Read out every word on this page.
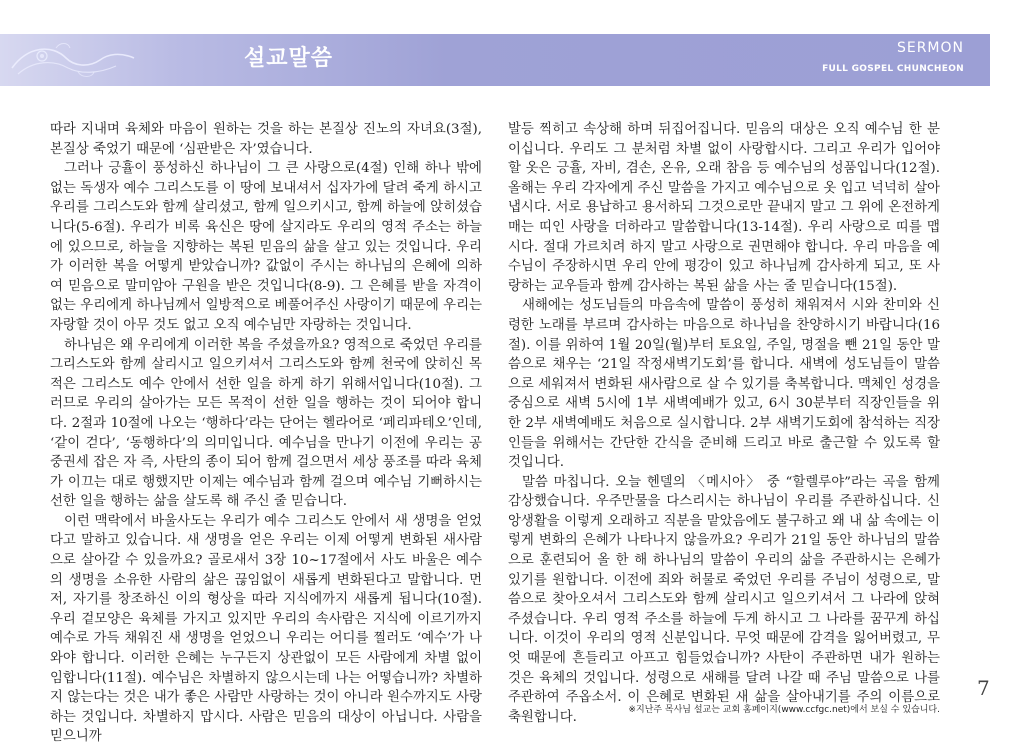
설교말씀	SERMON
FULL GOSPEL CHUNCHEON

따라 지내며 육체와 마음이 원하는 것을 하는 본질상 진노의 자녀요(3절), 본질상 죽었기 때문에 ‘심판받은 자’였습니다.

그러나 긍휼이 풍성하신 하나님이 그 큰 사랑으로(4절) 인해 하나 밖에 없는 독생자 예수 그리스도를 이 땅에 보내셔서 십자가에 달려 죽게 하시고 우리를 그리스도와 함께 살리셨고, 함께 일으키시고, 함께 하늘에 앉히셨습니다(5-6절). 우리가 비록 육신은 땅에 살지라도 우리의 영적 주소는 하늘에 있으므로, 하늘을 지향하는 복된 믿음의 삶을 살고 있는 것입니다. 우리가 이러한 복을 어떻게 받았습니까? 값없이 주시는 하나님의 은혜에 의하여 믿음으로 말미암아 구원을 받은 것입니다(8-9). 그 은혜를 받을 자격이 없는 우리에게 하나님께서 일방적으로 베풀어주신 사랑이기 때문에 우리는 자랑할 것이 아무 것도 없고 오직 예수님만 자랑하는 것입니다.

하나님은 왜 우리에게 이러한 복을 주셨을까요? 영적으로 죽었던 우리를 그리스도와 함께 살리시고 일으키셔서 그리스도와 함께 천국에 앉히신 목적은 그리스도 예수 안에서 선한 일을 하게 하기 위해서입니다(10절). 그러므로 우리의 살아가는 모든 목적이 선한 일을 행하는 것이 되어야 합니다. 2절과 10절에 나오는 ‘행하다’라는 단어는 헬라어로 ‘페리파테오’인데, ‘같이 걷다’, ‘동행하다’의 의미입니다. 예수님을 만나기 이전에 우리는 공중권세 잡은 자 즉, 사탄의 종이 되어 함께 걸으면서 세상 풍조를 따라 육체가 이끄는 대로 행했지만 이제는 예수님과 함께 걸으며 예수님 기뻐하시는 선한 일을 행하는 삶을 살도록 해 주신 줄 믿습니다.

이런 맥락에서 바울사도는 우리가 예수 그리스도 안에서 새 생명을 얻었다고 말하고 있습니다. 새 생명을 얻은 우리는 이제 어떻게 변화된 새사람으로 살아갈 수 있을까요? 골로새서 3장 10~17절에서 사도 바울은 예수의 생명을 소유한 사람의 삶은 끊임없이 새롭게 변화된다고 말합니다. 먼저, 자기를 창조하신 이의 형상을 따라 지식에까지 새롭게 됩니다(10절). 우리 겉모양은 육체를 가지고 있지만 우리의 속사람은 지식에 이르기까지 예수로 가득 채워진 새 생명을 얻었으니 우리는 어디를 찔러도 ‘예수’가 나와야 합니다. 이러한 은혜는 누구든지 상관없이 모든 사람에게 차별 없이 임합니다(11절). 예수님은 차별하지 않으시는데 나는 어떻습니까? 차별하지 않는다는 것은 내가 좋은 사람만 사랑하는 것이 아니라 원수까지도 사랑하는 것입니다. 차별하지 맙시다. 사람은 믿음의 대상이 아닙니다. 사람을 믿으니까

발등 찍히고 속상해 하며 뒤집어집니다. 믿음의 대상은 오직 예수님 한 분이십니다. 우리도 그 분처럼 차별 없이 사랑합시다. 그리고 우리가 입어야 할 옷은 긍휼, 자비, 겸손, 온유, 오래 참음 등 예수님의 성품입니다(12절). 올해는 우리 각자에게 주신 말씀을 가지고 예수님으로 옷 입고 넉넉히 살아냅시다. 서로 용납하고 용서하되 그것으로만 끝내지 말고 그 위에 온전하게 매는 띠인 사랑을 더하라고 말씀합니다(13-14절). 우리 사랑으로 띠를 맵시다. 절대 가르치려 하지 말고 사랑으로 권면해야 합니다. 우리 마음을 예수님이 주장하시면 우리 안에 평강이 있고 하나님께 감사하게 되고, 또 사랑하는 교우들과 함께 감사하는 복된 삶을 사는 줄 믿습니다(15절).

새해에는 성도님들의 마음속에 말씀이 풍성히 채워져서 시와 찬미와 신령한 노래를 부르며 감사하는 마음으로 하나님을 찬양하시기 바랍니다(16절). 이를 위하여 1월 20일(월)부터 토요일, 주일, 명절을 뺀 21일 동안 말씀으로 채우는 ‘21일 작정새벽기도회’를 합니다. 새벽에 성도님들이 말씀으로 세워져서 변화된 새사람으로 살 수 있기를 축복합니다. 맥체인 성경을 중심으로 새벽 5시에 1부 새벽예배가 있고, 6시 30분부터 직장인들을 위한 2부 새벽예배도 처음으로 실시합니다. 2부 새벽기도회에 참석하는 직장인들을 위해서는 간단한 간식을 준비해 드리고 바로 출근할 수 있도록 할 것입니다.

말씀 마칩니다. 오늘 헨델의 〈메시아〉 중 “할렐루야”라는 곡을 함께 감상했습니다. 우주만물을 다스리시는 하나님이 우리를 주관하십니다. 신앙생활을 이렇게 오래하고 직분을 맡았음에도 불구하고 왜 내 삶 속에는 이렇게 변화의 은혜가 나타나지 않을까요? 우리가 21일 동안 하나님의 말씀으로 훈련되어 올 한 해 하나님의 말씀이 우리의 삶을 주관하시는 은혜가 있기를 원합니다. 이전에 죄와 허물로 죽었던 우리를 주님이 성령으로, 말씀으로 찾아오셔서 그리스도와 함께 살리시고 일으키셔서 그 나라에 앉혀주셨습니다. 우리 영적 주소를 하늘에 두게 하시고 그 나라를 꿈꾸게 하십니다. 이것이 우리의 영적 신분입니다. 무엇 때문에 감격을 잃어버렸고, 무엇 때문에 흔들리고 아프고 힘들었습니까? 사탄이 주관하면 내가 원하는 것은 육체의 것입니다. 성령으로 새해를 달려 나갈 때 주님 말씀으로 나를 주관하여 주옵소서. 이 은혜로 변화된 새 삶을 살아내기를 주의 이름으로 축원합니다.

7
※지난주 목사님 설교는 교회 홈페이지(www.ccfgc.net)에서 보실 수 있습니다.
